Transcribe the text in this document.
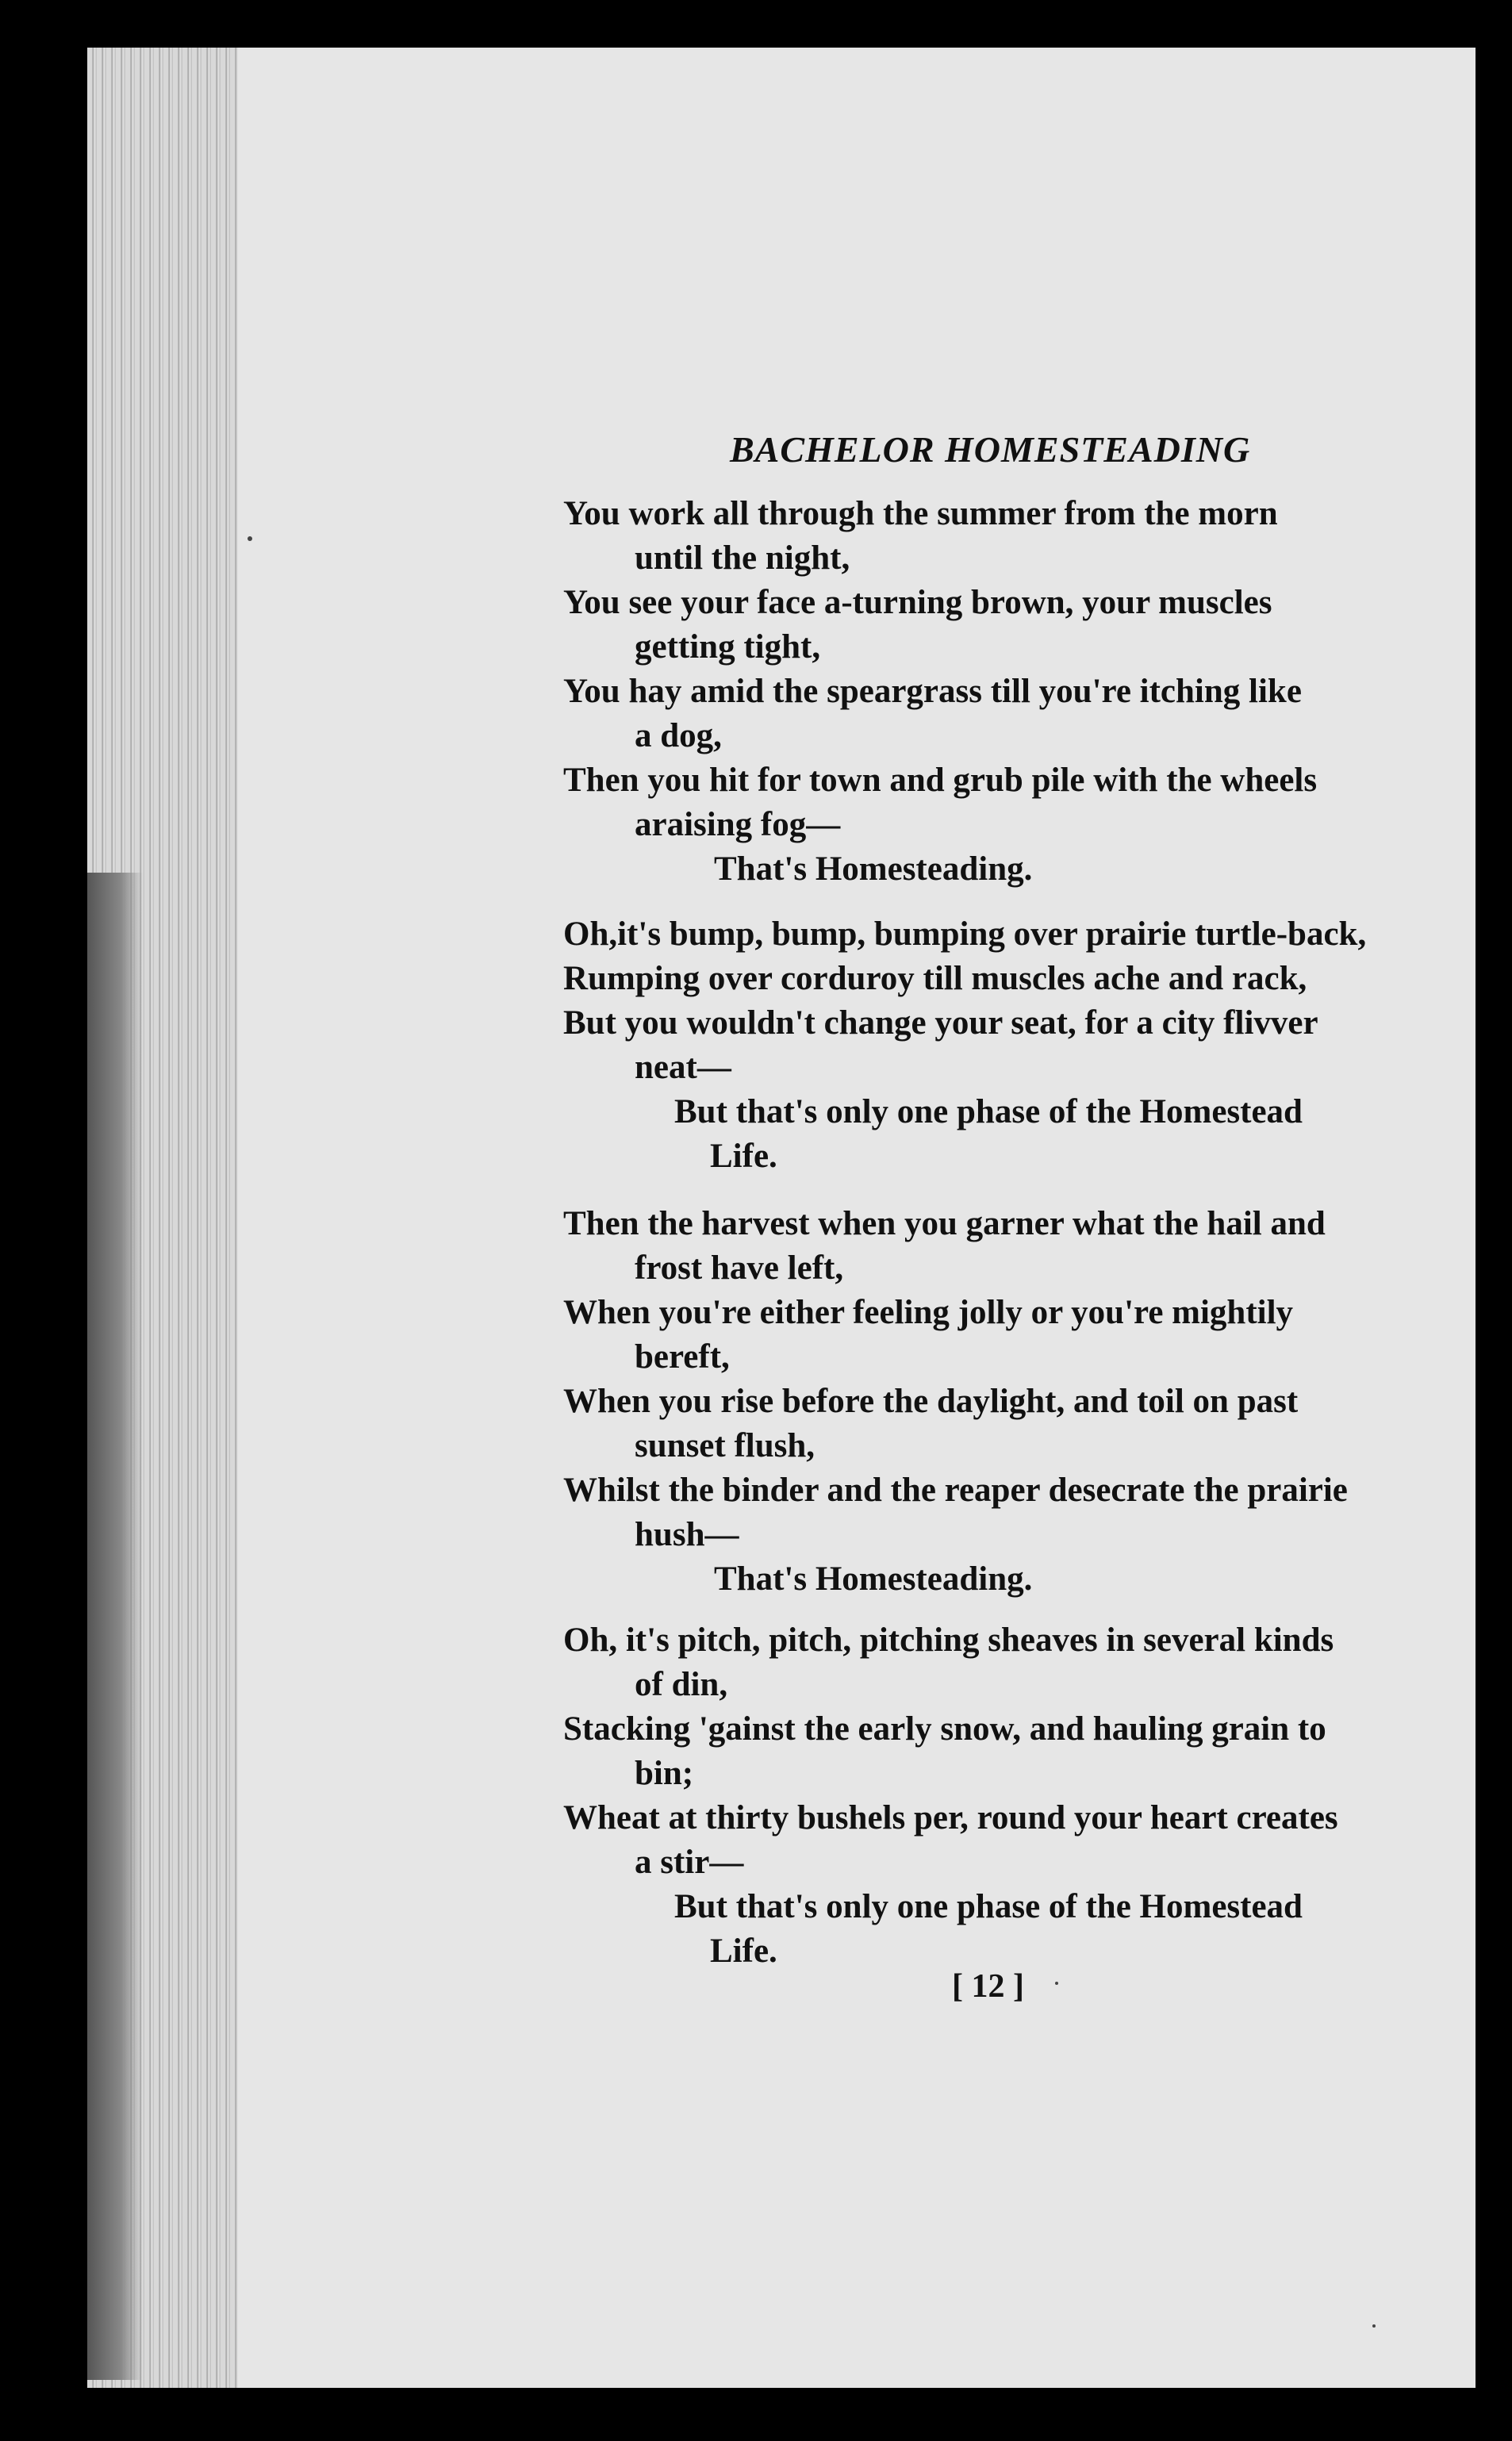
BACHELOR HOMESTEADING
You work all through the summer from the morn
until the night,
You see your face a-turning brown, your muscles
getting tight,
You hay amid the speargrass till you're itching like
a dog,
Then you hit for town and grub pile with the wheels
araising fog—
That's Homesteading.
Oh,it's bump, bump, bumping over prairie turtle-back,
Rumping over corduroy till muscles ache and rack,
But you wouldn't change your seat, for a city flivver
neat—
But that's only one phase of the Homestead
Life.
Then the harvest when you garner what the hail and
frost have left,
When you're either feeling jolly or you're mightily
bereft,
When you rise before the daylight, and toil on past
sunset flush,
Whilst the binder and the reaper desecrate the prairie
hush—
That's Homesteading.
Oh, it's pitch, pitch, pitching sheaves in several kinds
of din,
Stacking 'gainst the early snow, and hauling grain to
bin;
Wheat at thirty bushels per, round your heart creates
a stir—
But that's only one phase of the Homestead
Life.
[ 12 ]
